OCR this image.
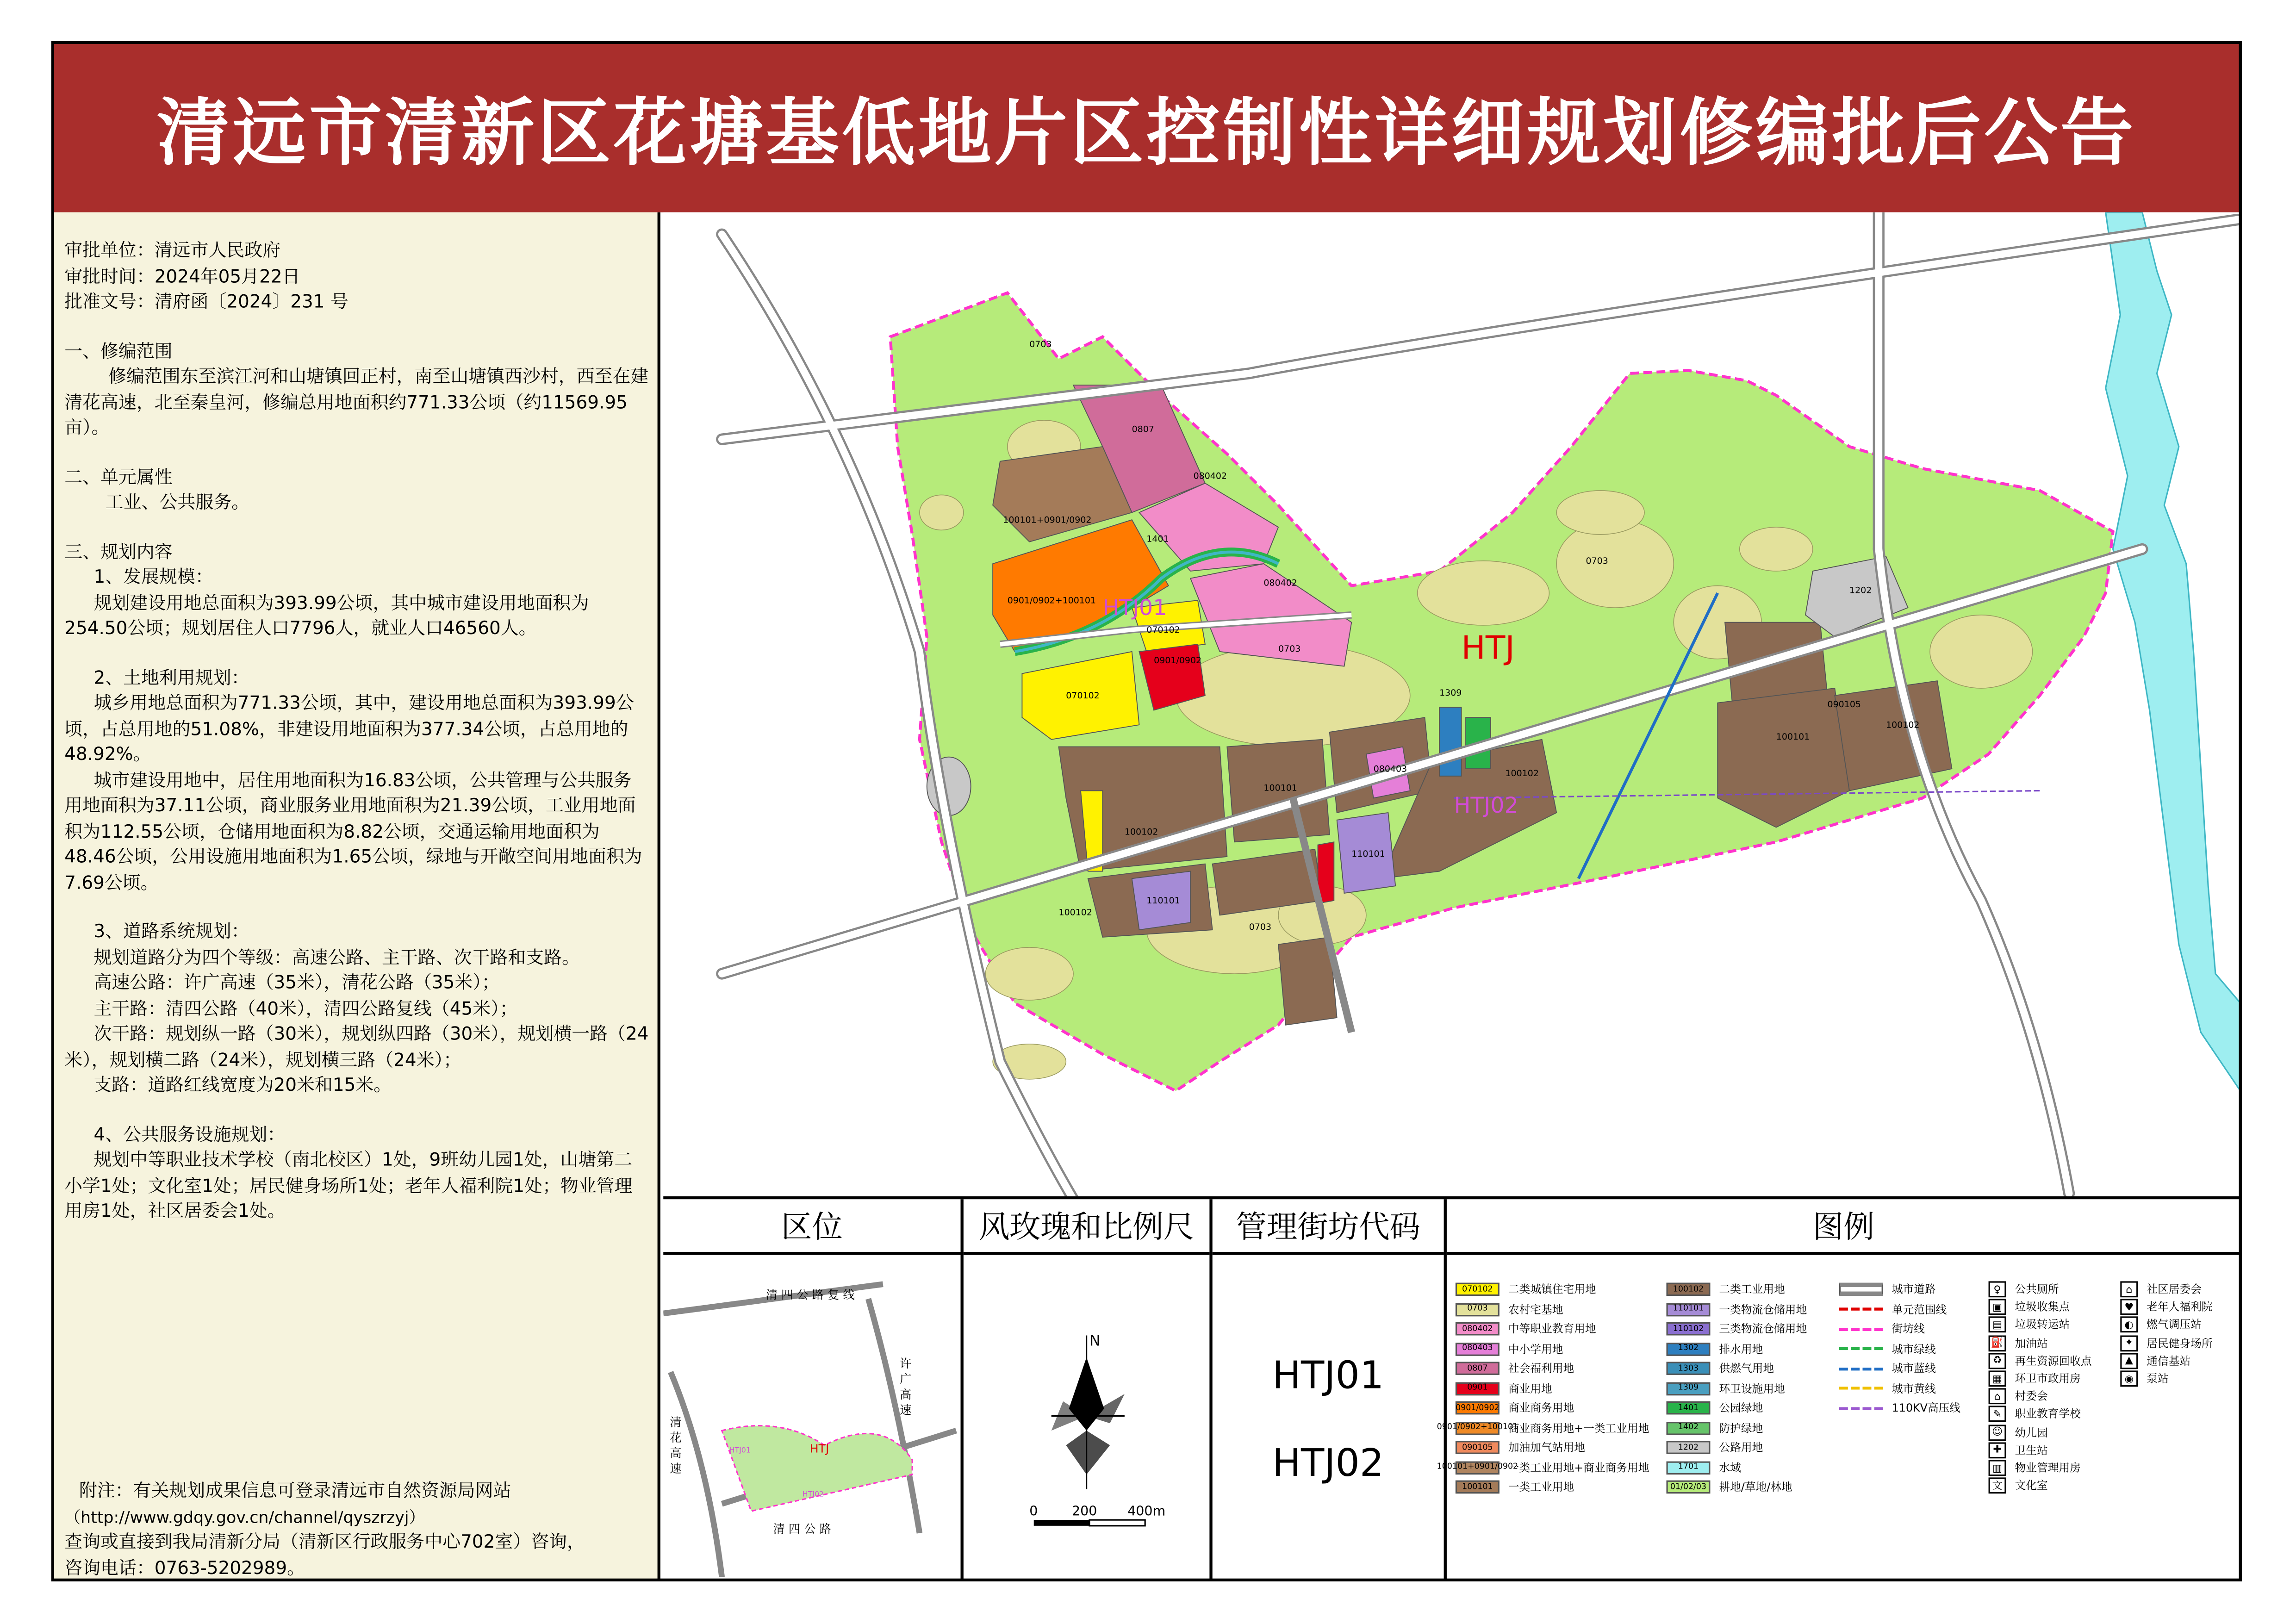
清远市清新区花塘基低地片区控制性详细规划修编批后公告

审批单位：清远市人民政府

审批时间：2024年05月22日

批准文号：清府函〔2024〕231 号

一、修编范围

修编范围东至滨江河和山塘镇回正村，南至山塘镇西沙村，西至在建清花高速，北至秦皇河，修编总用地面积约771.33公顷（约11569.95亩）。

二、单元属性

工业、公共服务。

三、规划内容

1、发展规模：

规划建设用地总面积为393.99公顷，其中城市建设用地面积为254.50公顷；规划居住人口7796人，就业人口46560人。

2、土地利用规划：

城乡用地总面积为771.33公顷，其中，建设用地总面积为393.99公顷，占总用地的51.08%，非建设用地面积为377.34公顷，占总用地的48.92%。

城市建设用地中，居住用地面积为16.83公顷，公共管理与公共服务用地面积为37.11公顷，商业服务业用地面积为21.39公顷，工业用地面积为112.55公顷，仓储用地面积为8.82公顷，交通运输用地面积为48.46公顷，公用设施用地面积为1.65公顷，绿地与开敞空间用地面积为7.69公顷。

3、道路系统规划：

规划道路分为四个等级：高速公路、主干路、次干路和支路。

高速公路：许广高速（35米），清花公路（35米）；

主干路：清四公路（40米），清四公路复线（45米）；

次干路：规划纵一路（30米），规划纵四路（30米），规划横一路（24米），规划横二路（24米），规划横三路（24米）；

支路：道路红线宽度为20米和15米。

4、公共服务设施规划：

规划中等职业技术学校（南北校区）1处，9班幼儿园1处，山塘第二小学1处；文化室1处；居民健身场所1处；老年人福利院1处；物业管理用房1处，社区居委会1处。

附注：有关规划成果信息可登录清远市自然资源局网站

（http://www.gdqy.gov.cn/channel/qyszrzyj）

查询或直接到我局清新分局（清新区行政服务中心702室）咨询，

咨询电话：0763-5202989。

HTJ01
HTJ
HTJ02
0703
0807
080402
080402
100101+0901/0902
0901/0902+100101
070102
070102
0901/0902
100102
100101
100102
100101
100102
1202
110101
110101
080403
1309
090105
100102
0703
0703
0703
1401
区位
清 四 公 路 复 线
清 四 公 路
清 花 高 速
许 广 高 速
HTJ
HTJ01
HTJ02
风玫瑰和比例尺
N
0	200	400m
管理街坊代码
HTJ01
HTJ02
图例
070102	二类城镇住宅用地
0703	农村宅基地
080402	中等职业教育用地
080403	中小学用地
0807	社会福利用地
0901	商业用地
0901/0902	商业商务用地
0901/0902+100101
商业商务用地+一类工业用地
090105	加油加气站用地
100101+0901/0902
一类工业用地+商业商务用地
100101	一类工业用地
100102	二类工业用地
110101	一类物流仓储用地
110102	三类物流仓储用地
1302	排水用地
1303	供燃气用地
1309	环卫设施用地
1401	公园绿地
1402	防护绿地
1202	公路用地
1701	水域
01/02/03	耕地/草地/林地
城市道路
单元范围线
街坊线
城市绿线
城市蓝线
城市黄线
110KV高压线
♀	公共厕所
▣	垃圾收集点
▤	垃圾转运站
⛽	加油站
♻	再生资源回收点
▦	环卫市政用房
⌂	村委会
✎	职业教育学校
☺	幼儿园
✚	卫生站
▥	物业管理用房
文	文化室
⌂	社区居委会
♥	老年人福利院
◐	燃气调压站
✦	居民健身场所
▲	通信基站
◉	泵站
